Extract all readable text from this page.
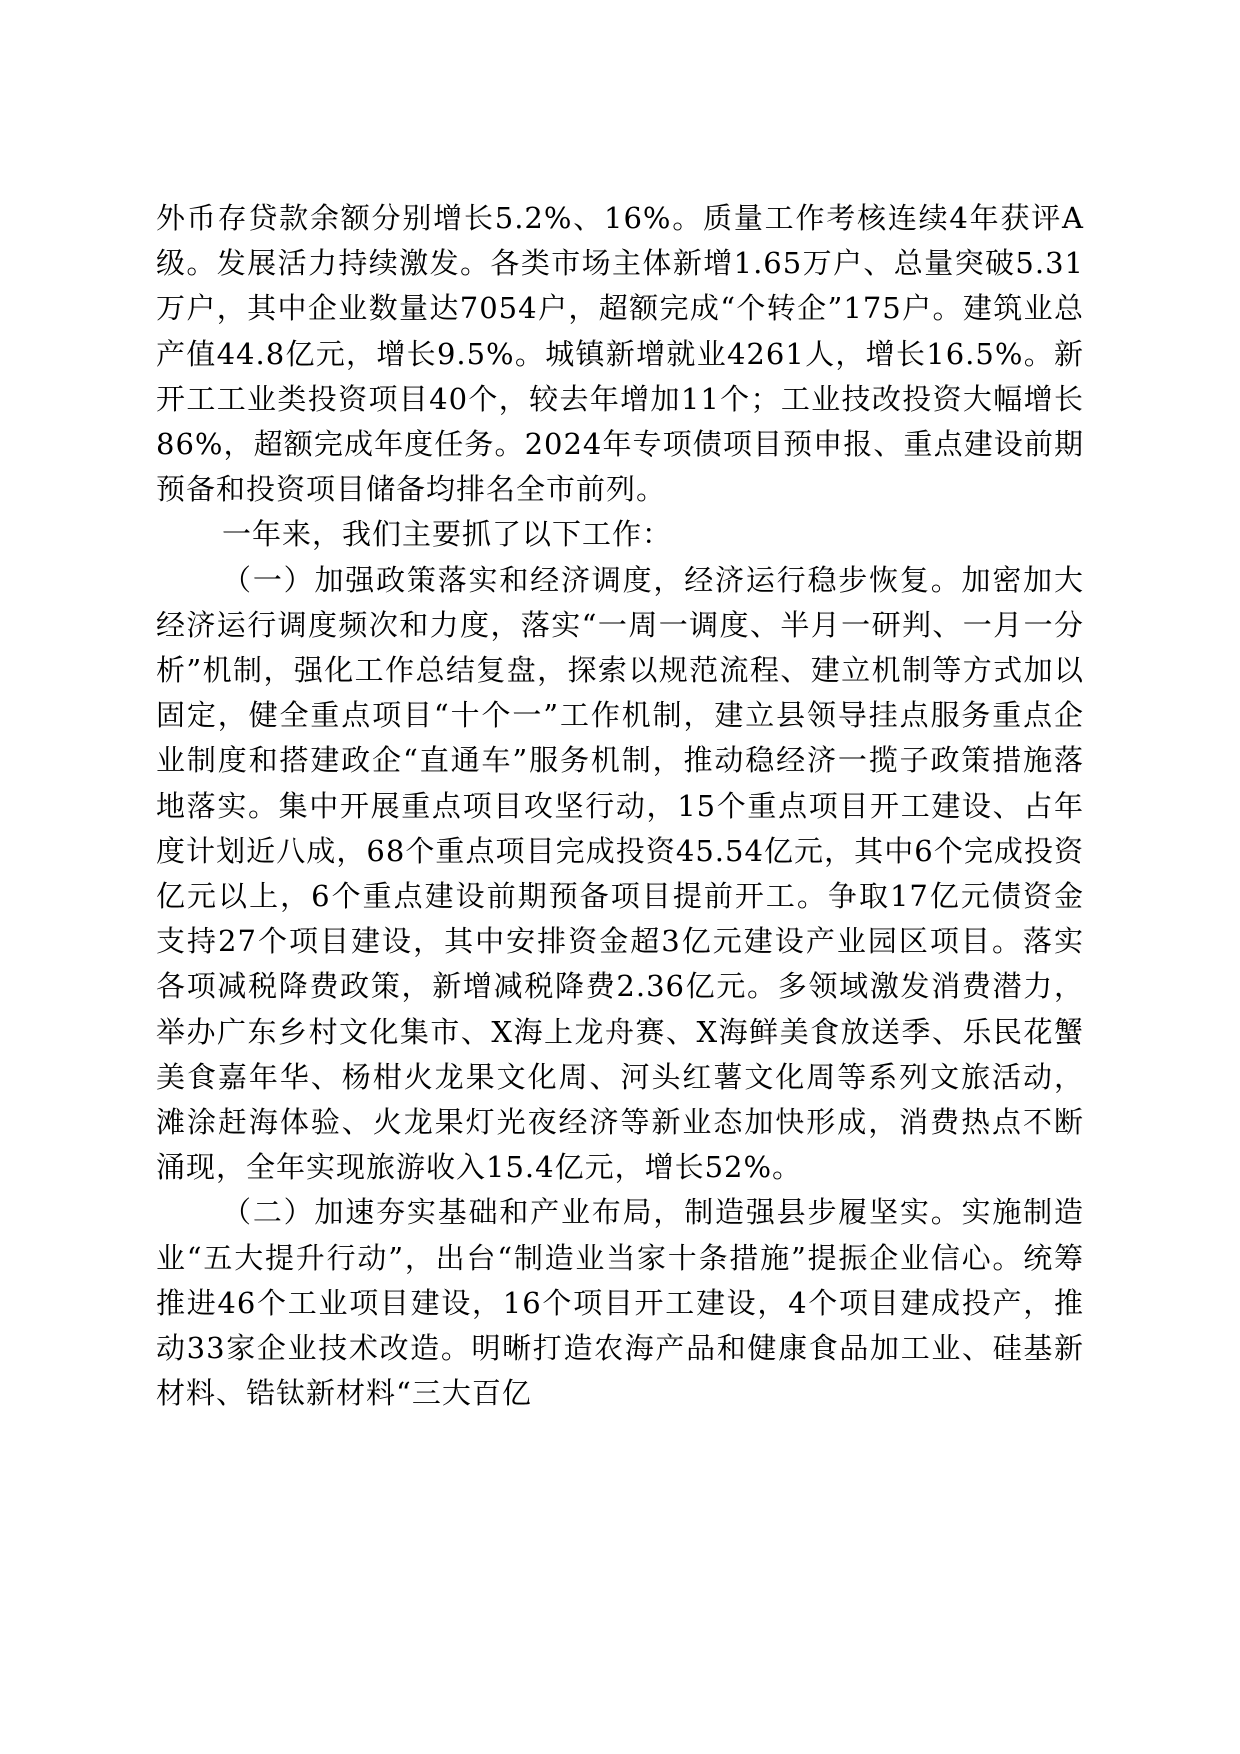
外币存贷款余额分别增长5.2%、16%。质量工作考核连续4年获评A级。发展活力持续激发。各类市场主体新增1.65万户、总量突破5.31万户，其中企业数量达7054户，超额完成“个转企”175户。建筑业总产值44.8亿元，增长9.5%。城镇新增就业4261人，增长16.5%。新开工工业类投资项目40个，较去年增加11个；工业技改投资大幅增长86%，超额完成年度任务。2024年专项债项目预申报、重点建设前期预备和投资项目储备均排名全市前列。

一年来，我们主要抓了以下工作：

（一）加强政策落实和经济调度，经济运行稳步恢复。加密加大经济运行调度频次和力度，落实“一周一调度、半月一研判、一月一分析”机制，强化工作总结复盘，探索以规范流程、建立机制等方式加以固定，健全重点项目“十个一”工作机制，建立县领导挂点服务重点企业制度和搭建政企“直通车”服务机制，推动稳经济一揽子政策措施落地落实。集中开展重点项目攻坚行动，15个重点项目开工建设、占年度计划近八成，68个重点项目完成投资45.54亿元，其中6个完成投资亿元以上，6个重点建设前期预备项目提前开工。争取17亿元债资金支持27个项目建设，其中安排资金超3亿元建设产业园区项目。落实各项减税降费政策，新增减税降费2.36亿元。多领域激发消费潜力，举办广东乡村文化集市、X海上龙舟赛、X海鲜美食放送季、乐民花蟹美食嘉年华、杨柑火龙果文化周、河头红薯文化周等系列文旅活动，滩涂赶海体验、火龙果灯光夜经济等新业态加快形成，消费热点不断涌现，全年实现旅游收入15.4亿元，增长52%。

（二）加速夯实基础和产业布局，制造强县步履坚实。实施制造业“五大提升行动”，出台“制造业当家十条措施”提振企业信心。统筹推进46个工业项目建设，16个项目开工建设，4个项目建成投产，推动33家企业技术改造。明晰打造农海产品和健康食品加工业、硅基新材料、锆钛新材料“三大百亿
